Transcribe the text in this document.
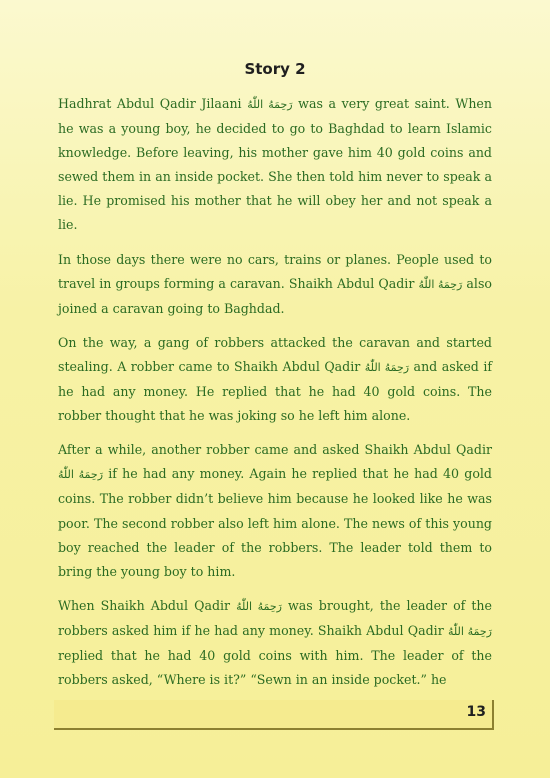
Story 2

Hadhrat Abdul Qadir Jilaani رَحِمَهُ اللّٰهُ was a very great saint. When he was a young boy, he decided to go to Baghdad to learn Islamic knowledge. Before leaving, his mother gave him 40 gold coins and sewed them in an inside pocket. She then told him never to speak a lie. He promised his mother that he will obey her and not speak a lie.

In those days there were no cars, trains or planes. People used to travel in groups forming a caravan. Shaikh Abdul Qadir رَحِمَهُ اللّٰهُ also joined a caravan going to Baghdad.

On the way, a gang of robbers attacked the caravan and started stealing. A robber came to Shaikh Abdul Qadir رَحِمَهُ اللّٰهُ and asked if he had any money. He replied that he had 40 gold coins. The robber thought that he was joking so he left him alone.

After a while, another robber came and asked Shaikh Abdul Qadir رَحِمَهُ اللّٰهُ if he had any money. Again he replied that he had 40 gold coins. The robber didn’t believe him because he looked like he was poor. The second robber also left him alone. The news of this young boy reached the leader of the robbers. The leader told them to bring the young boy to him.

When Shaikh Abdul Qadir رَحِمَهُ اللّٰهُ was brought, the leader of the robbers asked him if he had any money. Shaikh Abdul Qadir رَحِمَهُ اللّٰهُ replied that he had 40 gold coins with him. The leader of the robbers asked, “Where is it?” “Sewn in an inside pocket.” he

13
